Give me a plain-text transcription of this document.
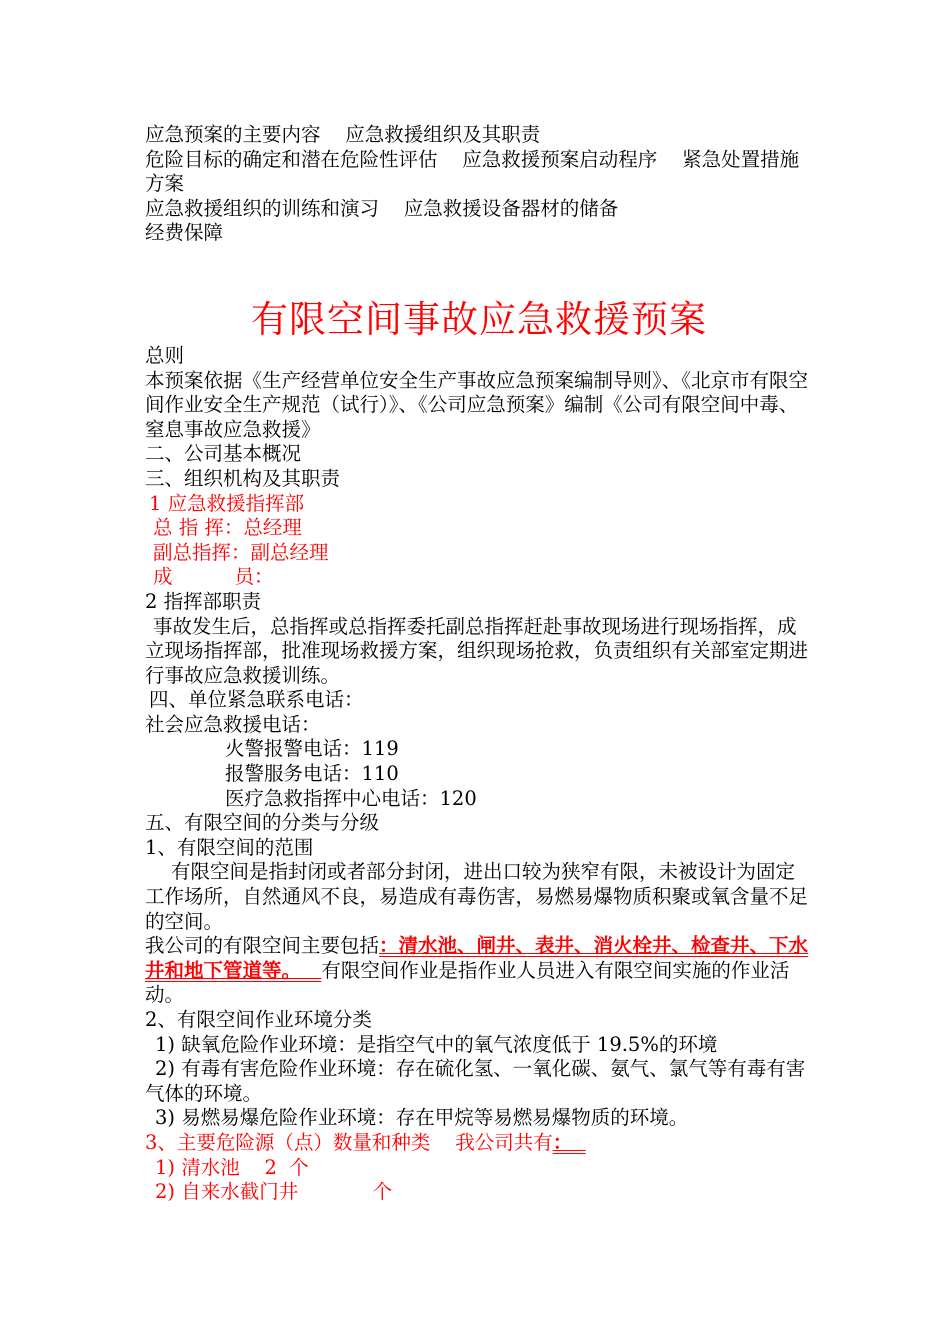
应急预案的主要内容    应急救援组织及其职责
危险目标的确定和潜在危险性评估    应急救援预案启动程序    紧急处置措施方案
应急救援组织的训练和演习    应急救援设备器材的储备
经费保障
有限空间事故应急救援预案
总则
本预案依据《生产经营单位安全生产事故应急预案编制导则》、《北京市有限空间作业安全生产规范（试行）》、《公司应急预案》编制《公司有限空间中毒、窒息事故应急救援》
二、公司基本概况
三、组织机构及其职责
1 应急救援指挥部
总 指 挥：总经理
副总指挥：副总经理
成          员：
2 指挥部职责
事故发生后，总指挥或总指挥委托副总指挥赶赴事故现场进行现场指挥，成立现场指挥部，批准现场救援方案，组织现场抢救，负责组织有关部室定期进行事故应急救援训练。
四、单位紧急联系电话：
社会应急救援电话：
火警报警电话：119
报警服务电话：110
医疗急救指挥中心电话：120
五、有限空间的分类与分级
1、有限空间的范围
有限空间是指封闭或者部分封闭，进出口较为狭窄有限，未被设计为固定工作场所，自然通风不良，易造成有毒伤害，易燃易爆物质积聚或氧含量不足的空间。
我公司的有限空间主要包括：清水池、闸井、表井、消火栓井、检查井、下水井和地下管道等。   有限空间作业是指作业人员进入有限空间实施的作业活动。
2、有限空间作业环境分类
1) 缺氧危险作业环境：是指空气中的氧气浓度低于 19.5%的环境
2) 有毒有害危险作业环境：存在硫化氢、一氧化碳、氨气、氯气等有毒有害气体的环境。
3) 易燃易爆危险作业环境：存在甲烷等易燃易爆物质的环境。
3、主要危险源（点）数量和种类    我公司共有：
1) 清水池    2  个
2) 自来水截门井            个
